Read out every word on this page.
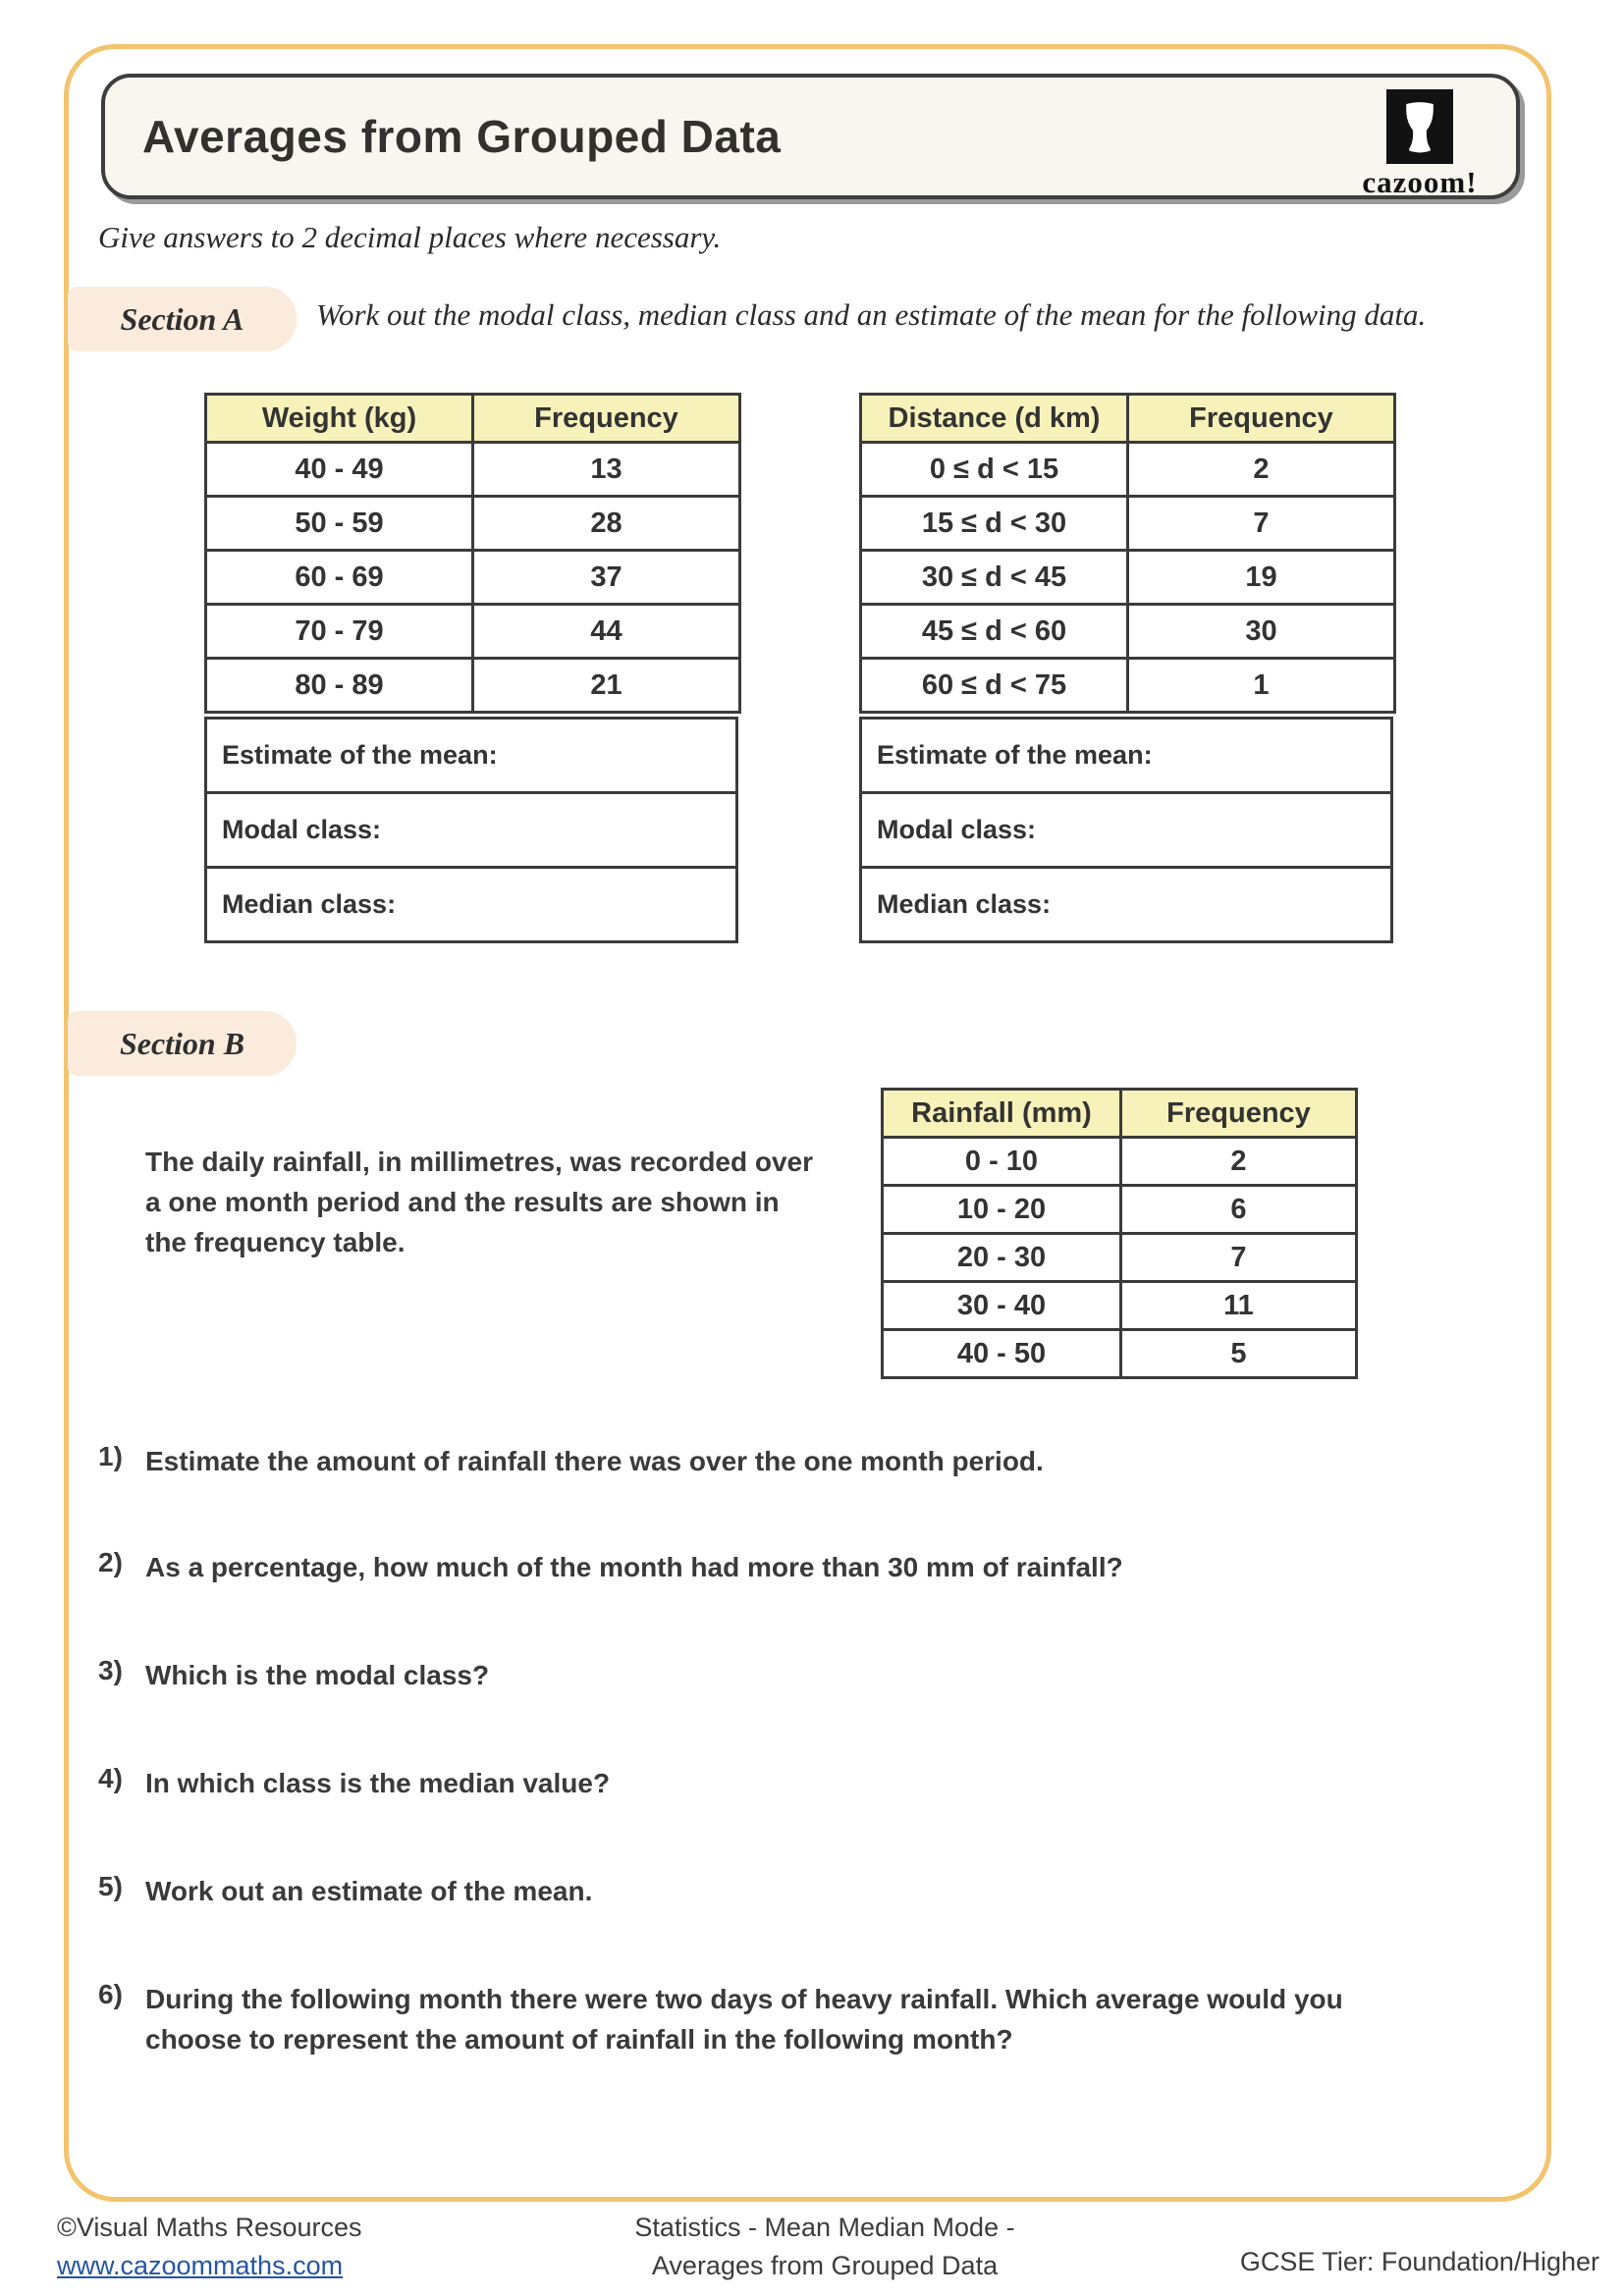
Averages from Grouped Data
cazoom!
Give answers to 2 decimal places where necessary.
Section A Work out the modal class, median class and an estimate of the mean for the following data.
Weight (kg)	Frequency
40 - 49	13
50 - 59	28
60 - 69	37
70 - 79	44
80 - 89	21
Distance (d km)	Frequency
0 ≤ d < 15	2
15 ≤ d < 30	7
30 ≤ d < 45	19
45 ≤ d < 60	30
60 ≤ d < 75	1
Estimate of the mean:
Modal class:
Median class:
Estimate of the mean:
Modal class:
Median class:
Section B
The daily rainfall, in millimetres, was recorded over a one month period and the results are shown in the frequency table.
Rainfall (mm)	Frequency
0 - 10	2
10 - 20	6
20 - 30	7
30 - 40	11
40 - 50	5
1) Estimate the amount of rainfall there was over the one month period.
2) As a percentage, how much of the month had more than 30 mm of rainfall?
3) Which is the modal class?
4) In which class is the median value?
5) Work out an estimate of the mean.
6) During the following month there were two days of heavy rainfall. Which average would you choose to represent the amount of rainfall in the following month?
©Visual Maths Resources
www.cazoommaths.com
Statistics - Mean Median Mode -
Averages from Grouped Data	GCSE Tier: Foundation/Higher
